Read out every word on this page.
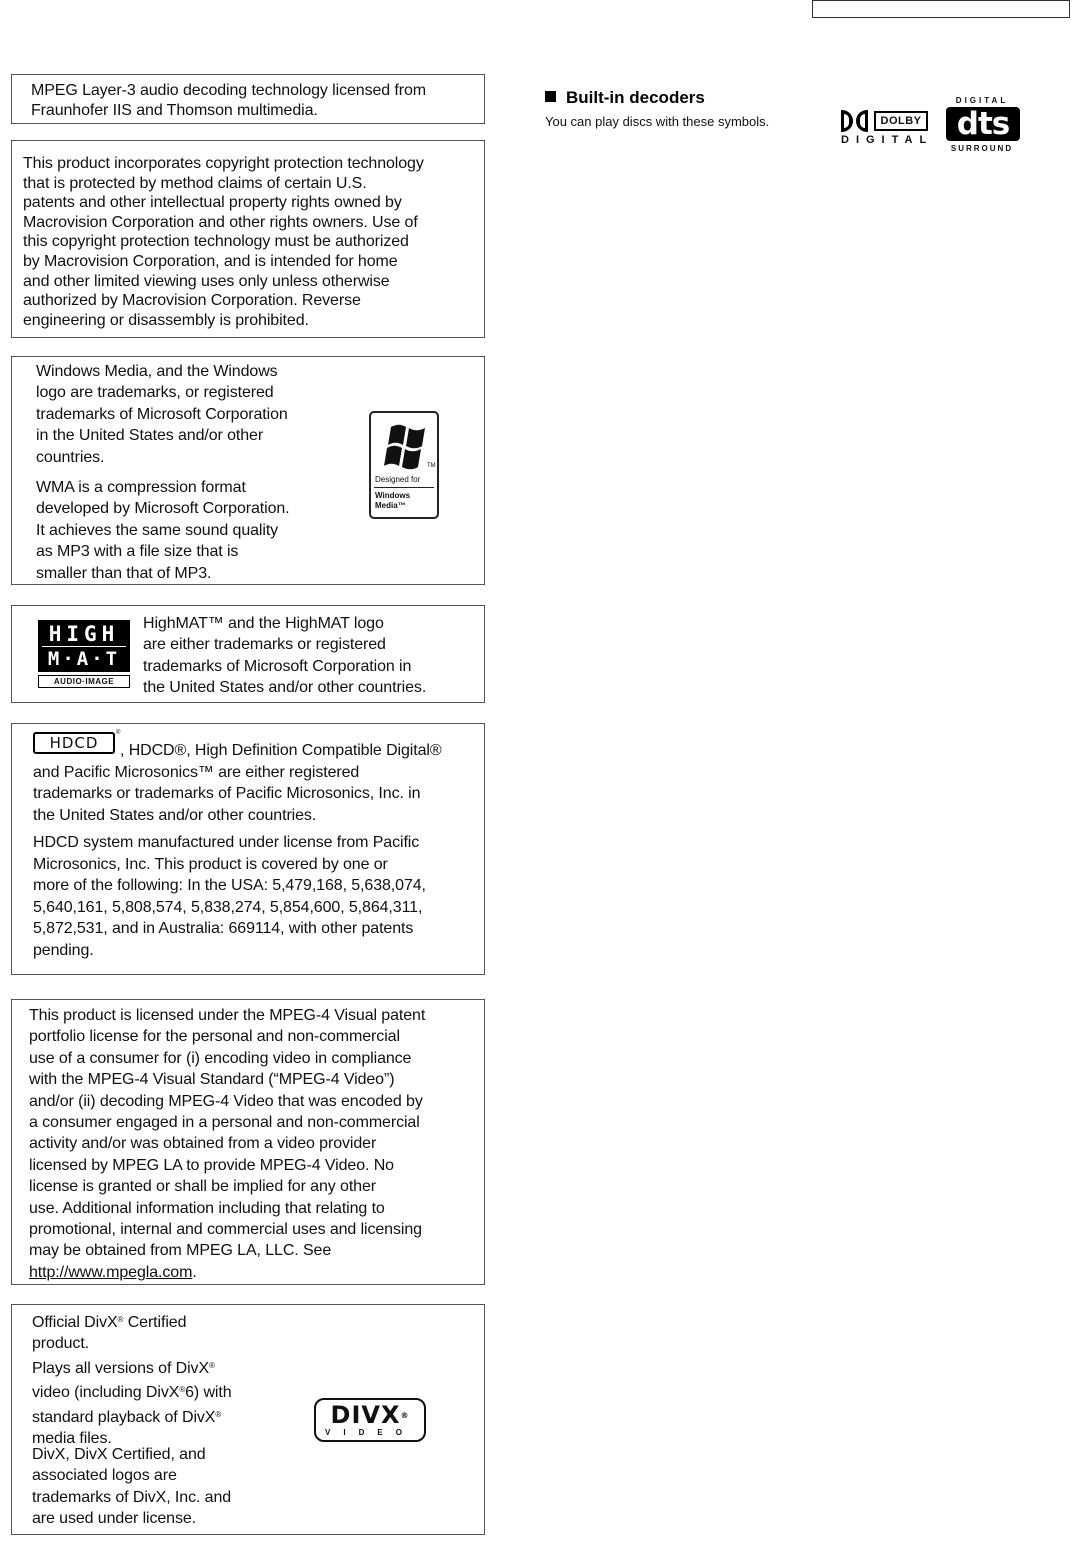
Built-in decoders
You can play discs with these symbols.	DOLBY
DIGITAL
DIGITAL
dts
SURROUND
MPEG Layer-3 audio decoding technology licensed from
Fraunhofer IIS and Thomson multimedia.
This product incorporates copyright protection technology
that is protected by method claims of certain U.S.
patents and other intellectual property rights owned by
Macrovision Corporation and other rights owners. Use of
this copyright protection technology must be authorized
by Macrovision Corporation, and is intended for home
and other limited viewing uses only unless otherwise
authorized by Macrovision Corporation. Reverse
engineering or disassembly is prohibited.
Windows Media, and the Windows
logo are trademarks, or registered
trademarks of Microsoft Corporation
in the United States and/or other
countries.
WMA is a compression format
developed by Microsoft Corporation.
It achieves the same sound quality
as MP3 with a file size that is
smaller than that of MP3.
TM
Designed for
Windows
Media™
HIGH
M·A·T
AUDIO·IMAGE
HighMAT™ and the HighMAT logo
are either trademarks or registered
trademarks of Microsoft Corporation in
the United States and/or other countries.
HDCD
®
, HDCD®, High Definition Compatible Digital®
and Pacific Microsonics™ are either registered
trademarks or trademarks of Pacific Microsonics, Inc. in
the United States and/or other countries.
HDCD system manufactured under license from Pacific
Microsonics, Inc. This product is covered by one or
more of the following: In the USA: 5,479,168, 5,638,074,
5,640,161, 5,808,574, 5,838,274, 5,854,600, 5,864,311,
5,872,531, and in Australia: 669114, with other patents
pending.
This product is licensed under the MPEG-4 Visual patent
portfolio license for the personal and non-commercial
use of a consumer for (i) encoding video in compliance
with the MPEG-4 Visual Standard (“MPEG-4 Video”)
and/or (ii) decoding MPEG-4 Video that was encoded by
a consumer engaged in a personal and non-commercial
activity and/or was obtained from a video provider
licensed by MPEG LA to provide MPEG-4 Video. No
license is granted or shall be implied for any other
use. Additional information including that relating to
promotional, internal and commercial uses and licensing
may be obtained from MPEG LA, LLC. See
http://www.mpegla.com.
Official DivX® Certified
product.
Plays all versions of DivX®
video (including DivX®6) with
standard playback of DivX®
media files.
DivX, DivX Certified, and
associated logos are
trademarks of DivX, Inc. and
are used under license.
DIVX®
VIDEO
